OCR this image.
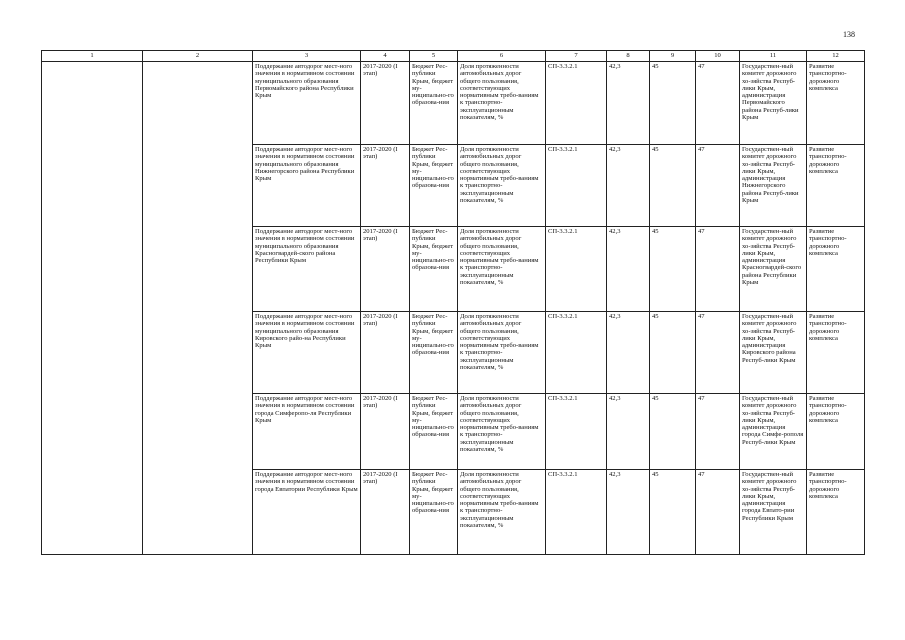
138
1	2	3	4	5	6	7	8	9	10	11	12
		Поддержание автодорог мест-ного значения в нормативном состоянии муниципального образования Первомайского района Республики Крым	2017-2020 (I этап)	Бюджет Рес-публики Крым, бюджет му-ниципально-го образова-ния	Доля протяженности автомобильных дорог общего пользования, соответствующих нормативным требо-ваниям к транспортно-эксплуатационным показателям, %	СП-3.3.2.1	42,3	45	47	Государствен-ный комитет дорожного хо-зяйства Респуб-лики Крым, администрация Первомайского района Респуб-лики Крым	Развитие транспортно-дорожного комплекса
		Поддержание автодорог мест-ного значения в нормативном состоянии муниципального образования Нижнегорского района Республики Крым	2017-2020 (I этап)	Бюджет Рес-публики Крым, бюджет му-ниципально-го образова-ния	Доля протяженности автомобильных дорог общего пользования, соответствующих нормативным требо-ваниям к транспортно-эксплуатационным показателям, %	СП-3.3.2.1	42,3	45	47	Государствен-ный комитет дорожного хо-зяйства Респуб-лики Крым, администрация Нижнегорского района Респуб-лики Крым	Развитие транспортно-дорожного комплекса
		Поддержание автодорог мест-ного значения в нормативном состоянии муниципального образования Красногвардей-ского района Республики Крым	2017-2020 (I этап)	Бюджет Рес-публики Крым, бюджет му-ниципально-го образова-ния	Доля протяженности автомобильных дорог общего пользования, соответствующих нормативным требо-ваниям к транспортно-эксплуатационным показателям, %	СП-3.3.2.1	42,3	45	47	Государствен-ный комитет дорожного хо-зяйства Респуб-лики Крым, администрация Красногвардей-ского района Республики Крым	Развитие транспортно-дорожного комплекса
		Поддержание автодорог мест-ного значения в нормативном состоянии муниципального образования Кировского райо-на Республики Крым	2017-2020 (I этап)	Бюджет Рес-публики Крым, бюджет му-ниципально-го образова-ния	Доля протяженности автомобильных дорог общего пользования, соответствующих нормативным требо-ваниям к транспортно-эксплуатационным показателям, %	СП-3.3.2.1	42,3	45	47	Государствен-ный комитет дорожного хо-зяйства Респуб-лики Крым, администрация Кировского района Респуб-лики Крым	Развитие транспортно-дорожного комплекса
		Поддержание автодорог мест-ного значения в нормативном состоянии города Симферопо-ля Республики Крым	2017-2020 (I этап)	Бюджет Рес-публики Крым, бюджет му-ниципально-го образова-ния	Доля протяженности автомобильных дорог общего пользования, соответствующих нормативным требо-ваниям к транспортно-эксплуатационным показателям, %	СП-3.3.2.1	42,3	45	47	Государствен-ный комитет дорожного хо-зяйства Респуб-лики Крым, администрация города Симфе-рополя Респуб-лики Крым	Развитие транспортно-дорожного комплекса
		Поддержание автодорог мест-ного значения в нормативном состоянии города Евпатории Республики Крым	2017-2020 (I этап)	Бюджет Рес-публики Крым, бюджет му-ниципально-го образова-ния	Доля протяженности автомобильных дорог общего пользования, соответствующих нормативным требо-ваниям к транспортно-эксплуатационным показателям, %	СП-3.3.2.1	42,3	45	47	Государствен-ный комитет дорожного хо-зяйства Респуб-лики Крым, администрация города Евпато-рии Республики Крым	Развитие транспортно-дорожного комплекса
